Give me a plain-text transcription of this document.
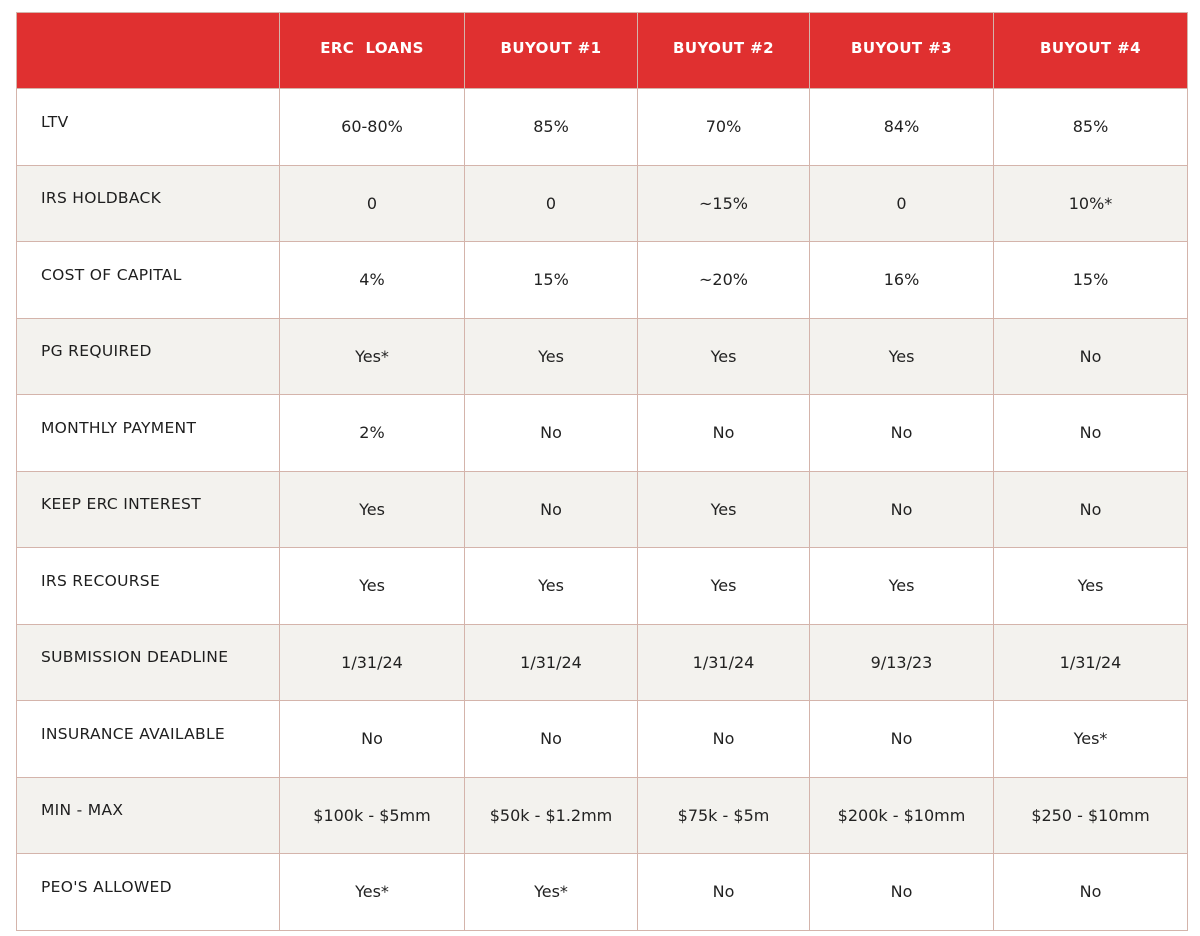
	ERC  LOANS	BUYOUT #1	BUYOUT #2	BUYOUT #3	BUYOUT #4
LTV	60-80%	85%	70%	84%	85%
IRS HOLDBACK	0	0	~15%	0	10%*
COST OF CAPITAL	4%	15%	~20%	16%	15%
PG REQUIRED	Yes*	Yes	Yes	Yes	No
MONTHLY PAYMENT	2%	No	No	No	No
KEEP ERC INTEREST	Yes	No	Yes	No	No
IRS RECOURSE	Yes	Yes	Yes	Yes	Yes
SUBMISSION DEADLINE	1/31/24	1/31/24	1/31/24	9/13/23	1/31/24
INSURANCE AVAILABLE	No	No	No	No	Yes*
MIN - MAX	$100k - $5mm	$50k - $1.2mm	$75k - $5m	$200k - $10mm	$250 - $10mm
PEO'S ALLOWED	Yes*	Yes*	No	No	No
